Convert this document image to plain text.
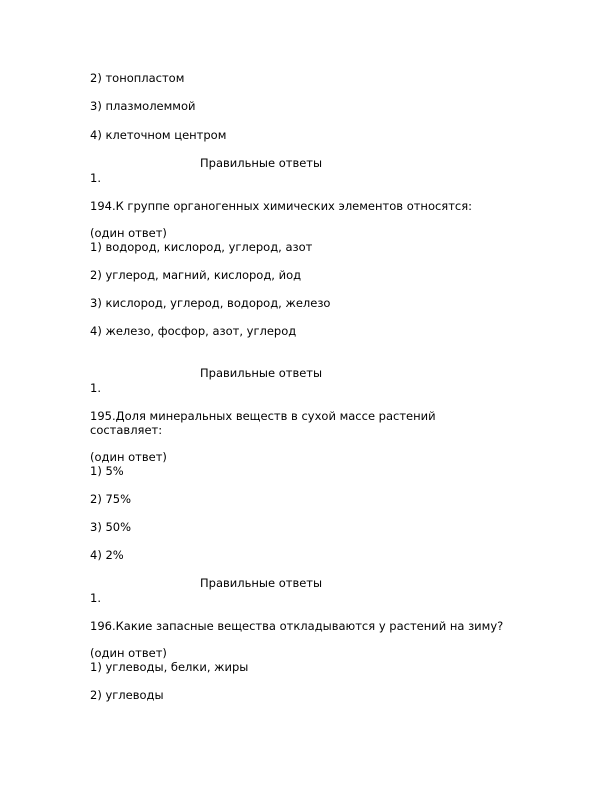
2) тонопластом
3) плазмолеммой
4) клеточном центром
Правильные ответы
1.
194.К группе органогенных химических элементов относятся:
(один ответ)
1) водород, кислород, углерод, азот
2) углерод, магний, кислород, йод
3) кислород, углерод, водород, железо
4) железо, фосфор, азот, углерод
Правильные ответы
1.
195.Доля минеральных веществ в сухой массе растений
составляет:
(один ответ)
1) 5%
2) 75%
3) 50%
4) 2%
Правильные ответы
1.
196.Какие запасные вещества откладываются у растений на зиму?
(один ответ)
1) углеводы, белки, жиры
2) углеводы
